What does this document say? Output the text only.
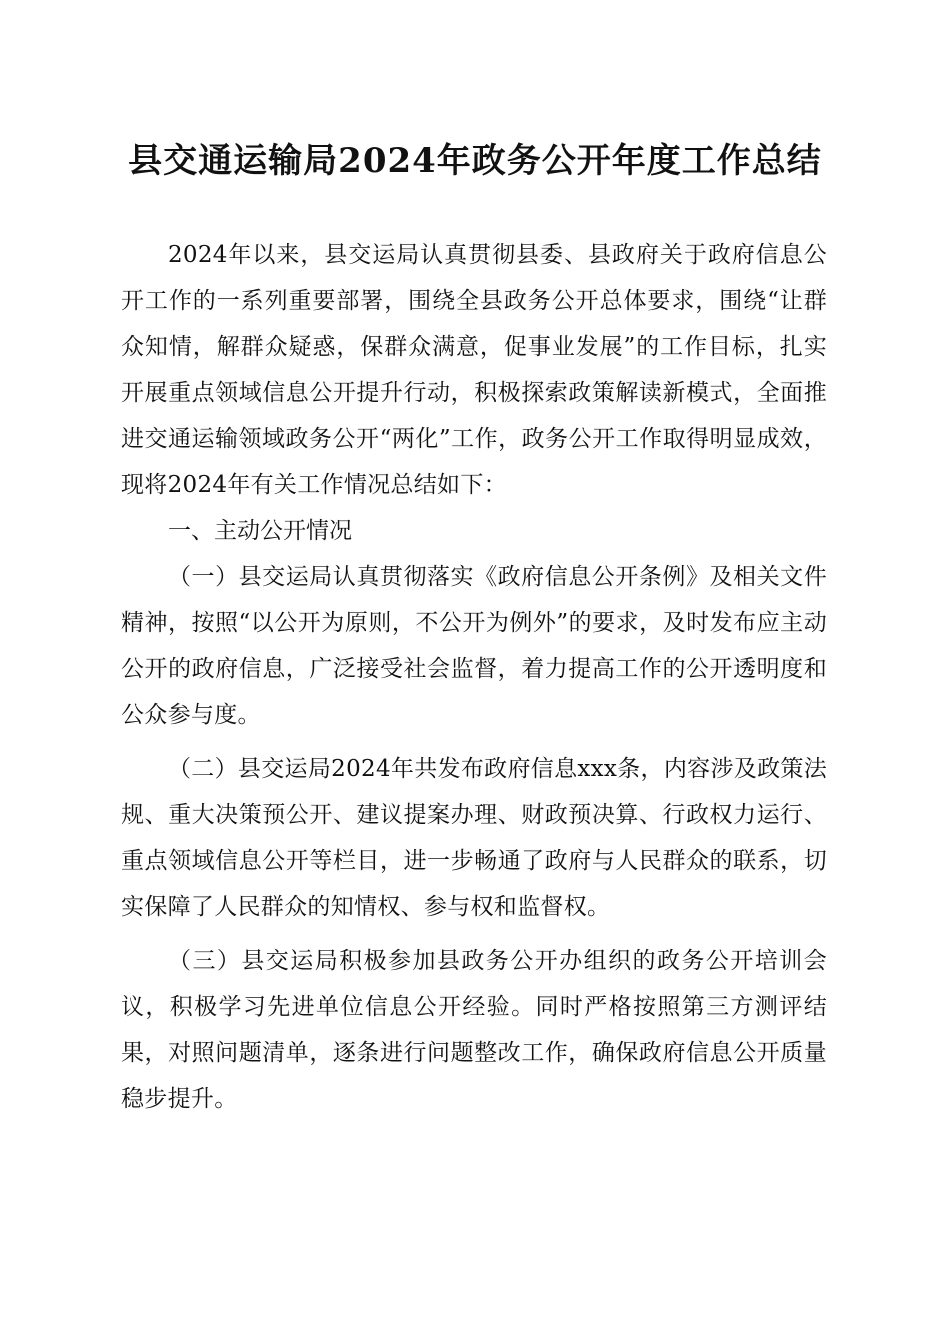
县交通运输局2024年政务公开年度工作总结

2024年以来，县交运局认真贯彻县委、县政府关于政府信息公开工作的一系列重要部署，围绕全县政务公开总体要求，围绕“让群众知情，解群众疑惑，保群众满意，促事业发展”的工作目标，扎实开展重点领域信息公开提升行动，积极探索政策解读新模式，全面推进交通运输领域政务公开“两化”工作，政务公开工作取得明显成效，现将2024年有关工作情况总结如下：

一、主动公开情况

（一）县交运局认真贯彻落实《政府信息公开条例》及相关文件精神，按照“以公开为原则，不公开为例外”的要求，及时发布应主动公开的政府信息，广泛接受社会监督，着力提高工作的公开透明度和公众参与度。

（二）县交运局2024年共发布政府信息xxx条，内容涉及政策法规、重大决策预公开、建议提案办理、财政预决算、行政权力运行、重点领域信息公开等栏目，进一步畅通了政府与人民群众的联系，切实保障了人民群众的知情权、参与权和监督权。

（三）县交运局积极参加县政务公开办组织的政务公开培训会议，积极学习先进单位信息公开经验。同时严格按照第三方测评结果，对照问题清单，逐条进行问题整改工作，确保政府信息公开质量稳步提升。
